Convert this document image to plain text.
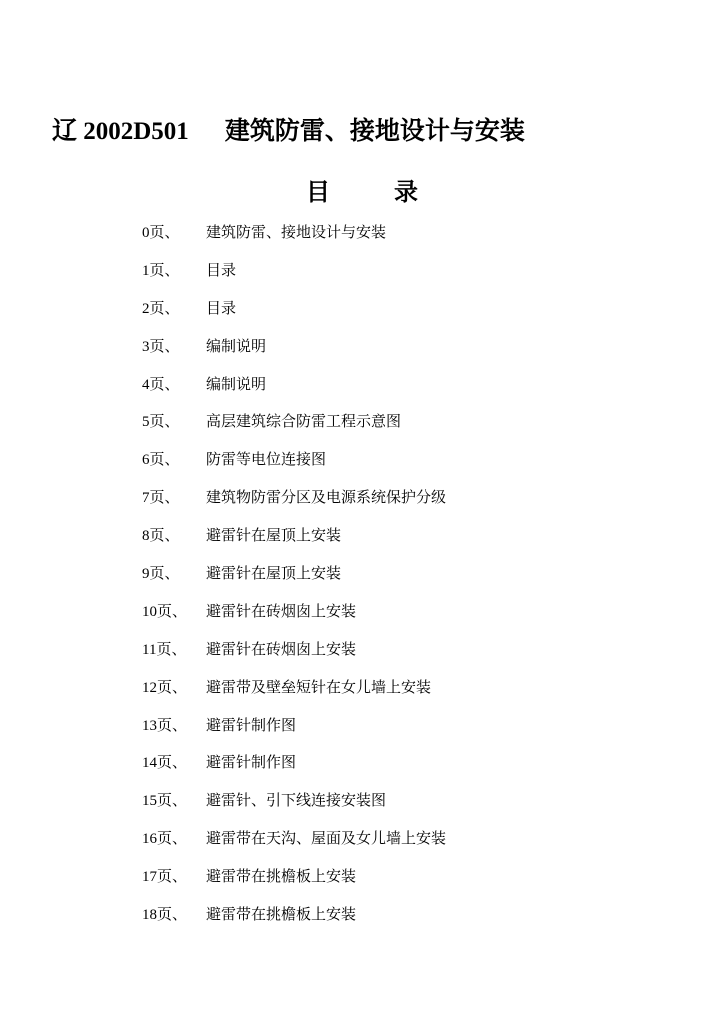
辽 2002D501 建筑防雷、接地设计与安装
目录
0页、	建筑防雷、接地设计与安装
1页、	目录
2页、	目录
3页、	编制说明
4页、	编制说明
5页、	高层建筑综合防雷工程示意图
6页、	防雷等电位连接图
7页、	建筑物防雷分区及电源系统保护分级
8页、	避雷针在屋顶上安装
9页、	避雷针在屋顶上安装
10页、	避雷针在砖烟囱上安装
11页、	避雷针在砖烟囱上安装
12页、	避雷带及壁垒短针在女儿墙上安装
13页、	避雷针制作图
14页、	避雷针制作图
15页、	避雷针、引下线连接安装图
16页、	避雷带在天沟、屋面及女儿墙上安装
17页、	避雷带在挑檐板上安装
18页、	避雷带在挑檐板上安装
